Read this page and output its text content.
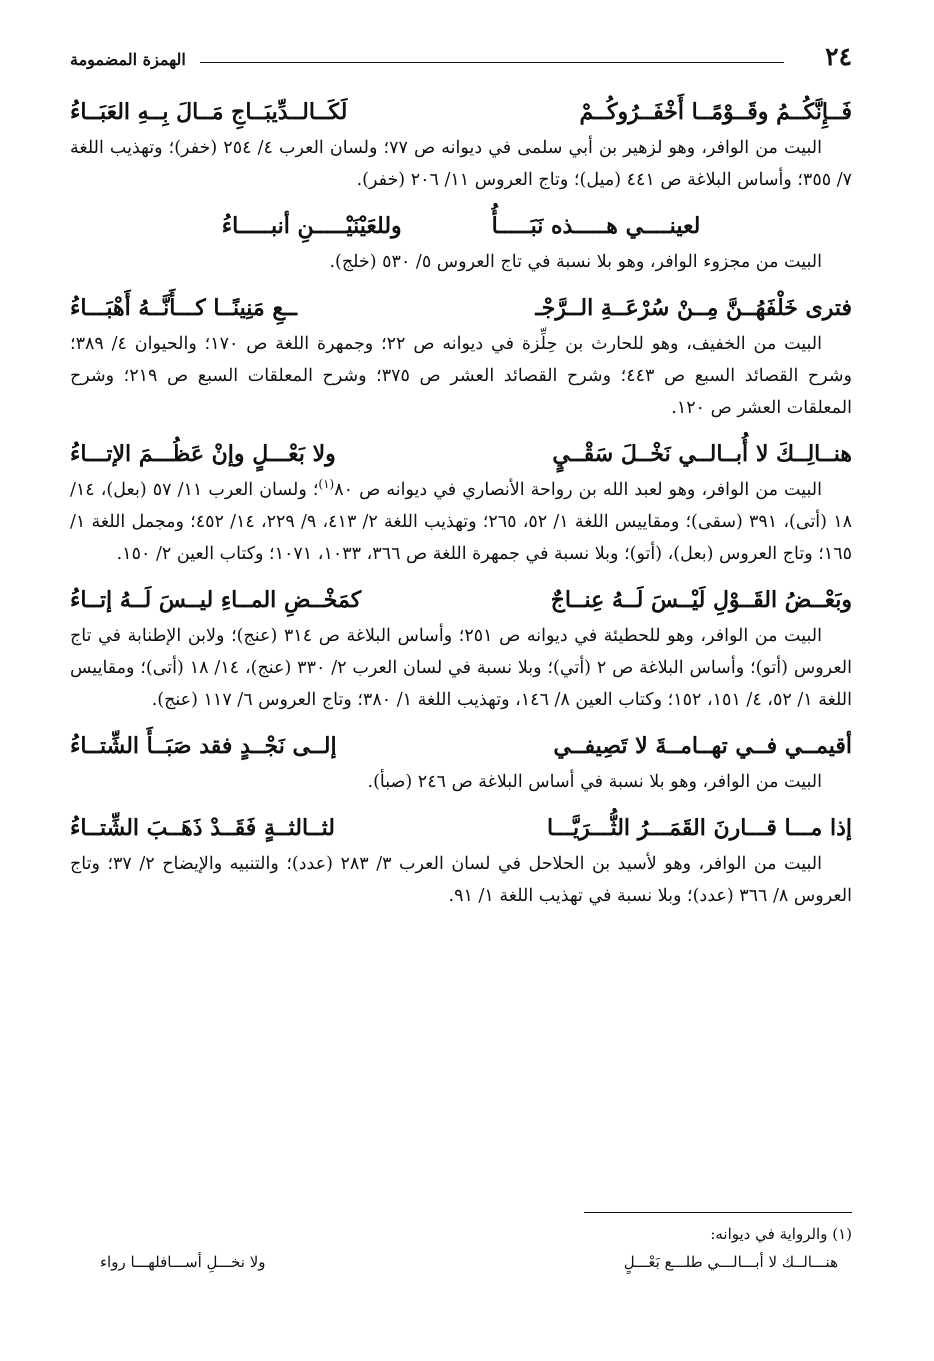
٢٤
الهمزة المضمومة
فَــإِنَّكُــمُ وقَــوْمًــا أَخْفَــرُوكُــمْ
لَكَــالــدِّيبَــاجِ مَــالَ بِــهِ العَبَــاءُ

البيت من الوافر، وهو لزهير بن أبي سلمى في ديوانه ص ٧٧؛ ولسان العرب ٤/ ٢٥٤ (خفر)؛ وتهذيب اللغة ٧/ ٣٥٥؛ وأساس البلاغة ص ٤٤١ (ميل)؛ وتاج العروس ١١/ ٢٠٦ (خفر).

لعينــــي هـــــذه نَبَـــــأُ
وللعَيْنَيْـــــنِ أنبـــــاءُ

البيت من مجزوء الوافر، وهو بلا نسبة في تاج العروس ٥/ ٥٣٠ (خلج).

فترى خَلْفَهُــنَّ مِــنْ سُرْعَــةِ الــرَّجْـ
ــعِ مَنِينًــا كـــأَنَّــهُ أَهْبَـــاءُ

البيت من الخفيف، وهو للحارث بن حِلِّزة في ديوانه ص ٢٢؛ وجمهرة اللغة ص ١٧٠؛ والحيوان ٤/ ٣٨٩؛ وشرح القصائد السبع ص ٤٤٣؛ وشرح القصائد العشر ص ٣٧٥؛ وشرح المعلقات السبع ص ٢١٩؛ وشرح المعلقات العشر ص ١٢٠.

هنــالِــكَ لا أُبــالــي نَخْــلَ سَقْــيٍ
ولا بَعْـــلٍ وإنْ عَظُـــمَ الإتـــاءُ

البيت من الوافر، وهو لعبد الله بن رواحة الأنصاري في ديوانه ص ٨٠$^{(١)}$؛ ولسان العرب ١١/ ٥٧ (بعل)، ١٤/ ١٨ (أتى)، ٣٩١ (سقى)؛ ومقاييس اللغة ١/ ٥٢، ٢٦٥؛ وتهذيب اللغة ٢/ ٤١٣، ٩/ ٢٢٩، ١٤/ ٤٥٢؛ ومجمل اللغة ١/ ١٦٥؛ وتاج العروس (بعل)، (أتو)؛ وبلا نسبة في جمهرة اللغة ص ٣٦٦، ١٠٣٣، ١٠٧١؛ وكتاب العين ٢/ ١٥٠.

وبَعْــضُ القَــوْلِ لَيْــسَ لَــهُ عِنــاجٌ
كمَخْــضِ المــاءِ ليــسَ لَــهُ إتــاءُ

البيت من الوافر، وهو للحطيئة في ديوانه ص ٢٥١؛ وأساس البلاغة ص ٣١٤ (عنج)؛ ولابن الإطنابة في تاج العروس (أتو)؛ وأساس البلاغة ص ٢ (أتي)؛ وبلا نسبة في لسان العرب ٢/ ٣٣٠ (عنج)، ١٤/ ١٨ (أتى)؛ ومقاييس اللغة ١/ ٥٢، ٤/ ١٥١، ١٥٢؛ وكتاب العين ٨/ ١٤٦، وتهذيب اللغة ١/ ٣٨٠؛ وتاج العروس ٦/ ١١٧ (عنج).

أقيمــي فــي تهــامــةَ لا تَصِيفــي
إلــى نَجْــدٍ فقد صَبَــأَ الشِّتــاءُ

البيت من الوافر، وهو بلا نسبة في أساس البلاغة ص ٢٤٦ (صبأ).

إذا مـــا قـــارنَ القَمَـــرُ الثُّـــرَيَّـــا
لثــالثــةٍ فَقَــدْ ذَهَــبَ الشِّتــاءُ

البيت من الوافر، وهو لأسيد بن الحلاحل في لسان العرب ٣/ ٢٨٣ (عدد)؛ والتنبيه والإيضاح ٢/ ٣٧؛ وتاج العروس ٨/ ٣٦٦ (عدد)؛ وبلا نسبة في تهذيب اللغة ١/ ٩١.

(١) والرواية في ديوانه:
هنـــالــك لا أبـــالـــي طلـــع بَعْـــلٍ
ولا نخـــلِ أســـافلهـــا رواء
